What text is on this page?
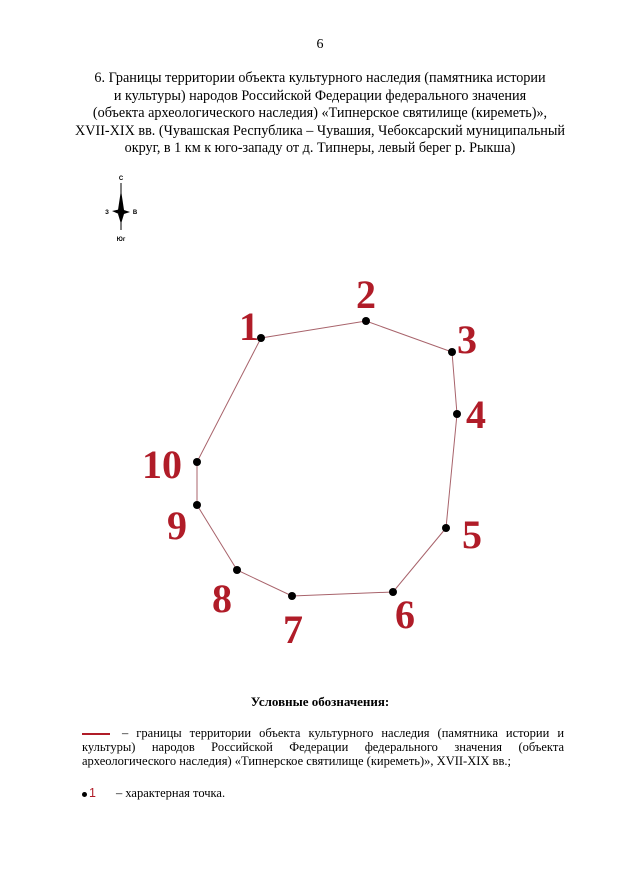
6
6. Границы территории объекта культурного наследия (памятника истории
и культуры) народов Российской Федерации федерального значения
(объекта археологического наследия) «Типнерское святилище (киреметь)»,
XVII-XIX вв. (Чувашская Республика – Чувашия, Чебоксарский муниципальный
округ, в 1 км к юго-западу от д. Типнеры, левый берег р. Рыкша)
С
З	В
Юг
1
2
3
4
5
6
7
8
9
10
Условные обозначения:
– границы территории объекта культурного наследия (памятника истории и культуры) народов Российской Федерации федерального значения (объекта археологического наследия) «Типнерское святилище (киреметь)», XVII-XIX вв.;
1 – характерная точка.
